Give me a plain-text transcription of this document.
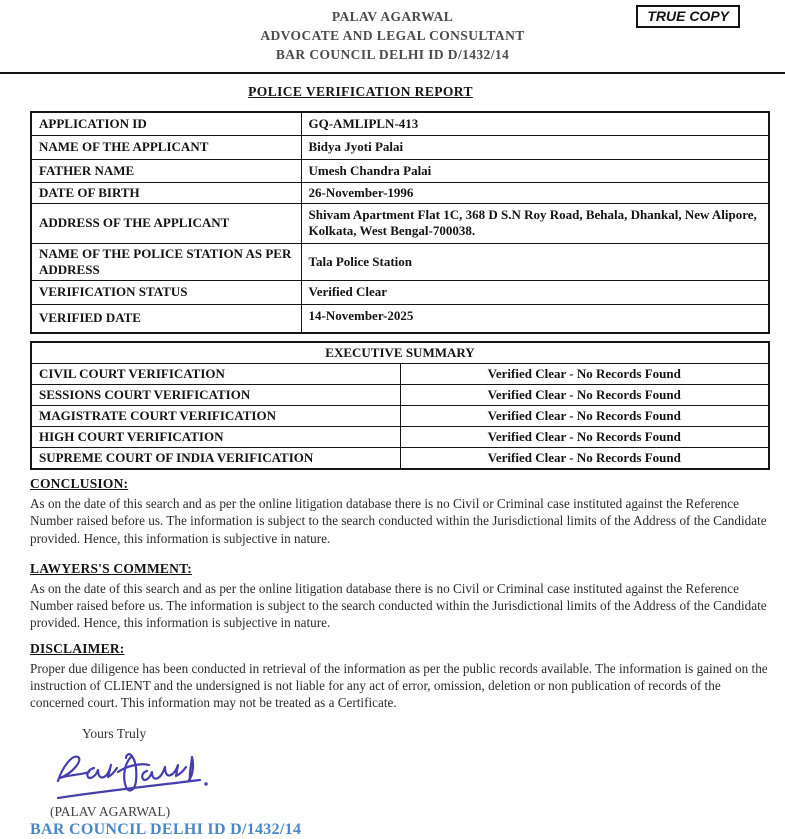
PALAV AGARWAL
ADVOCATE AND LEGAL CONSULTANT
BAR COUNCIL DELHI ID D/1432/14
TRUE COPY
POLICE VERIFICATION REPORT
APPLICATION ID	GQ-AMLIPLN-413
NAME OF THE APPLICANT	Bidya Jyoti Palai
FATHER NAME	Umesh Chandra Palai
DATE OF BIRTH	26-November-1996
ADDRESS OF THE APPLICANT	Shivam Apartment Flat 1C, 368 D S.N Roy Road, Behala, Dhankal, New Alipore, Kolkata, West Bengal-700038.
NAME OF THE POLICE STATION AS PER ADDRESS	Tala Police Station
VERIFICATION STATUS	Verified Clear
VERIFIED DATE	14-November-2025
EXECUTIVE SUMMARY	
CIVIL COURT VERIFICATION	Verified Clear - No Records Found
SESSIONS COURT VERIFICATION	Verified Clear - No Records Found
MAGISTRATE COURT VERIFICATION	Verified Clear - No Records Found
HIGH COURT VERIFICATION	Verified Clear - No Records Found
SUPREME COURT OF INDIA VERIFICATION	Verified Clear - No Records Found
CONCLUSION:

As on the date of this search and as per the online litigation database there is no Civil or Criminal case instituted against the Reference Number raised before us. The information is subject to the search conducted within the Jurisdictional limits of the Address of the Candidate provided. Hence, this information is subjective in nature.

LAWYERS'S COMMENT:

As on the date of this search and as per the online litigation database there is no Civil or Criminal case instituted against the Reference Number raised before us. The information is subject to the search conducted within the Jurisdictional limits of the Address of the Candidate provided. Hence, this information is subjective in nature.

DISCLAIMER:

Proper due diligence has been conducted in retrieval of the information as per the public records available. The information is gained on the instruction of CLIENT and the undersigned is not liable for any act of error, omission, deletion or non publication of records of the concerned court. This information may not be treated as a Certificate.

Yours Truly
(PALAV AGARWAL)
BAR COUNCIL DELHI ID D/1432/14
